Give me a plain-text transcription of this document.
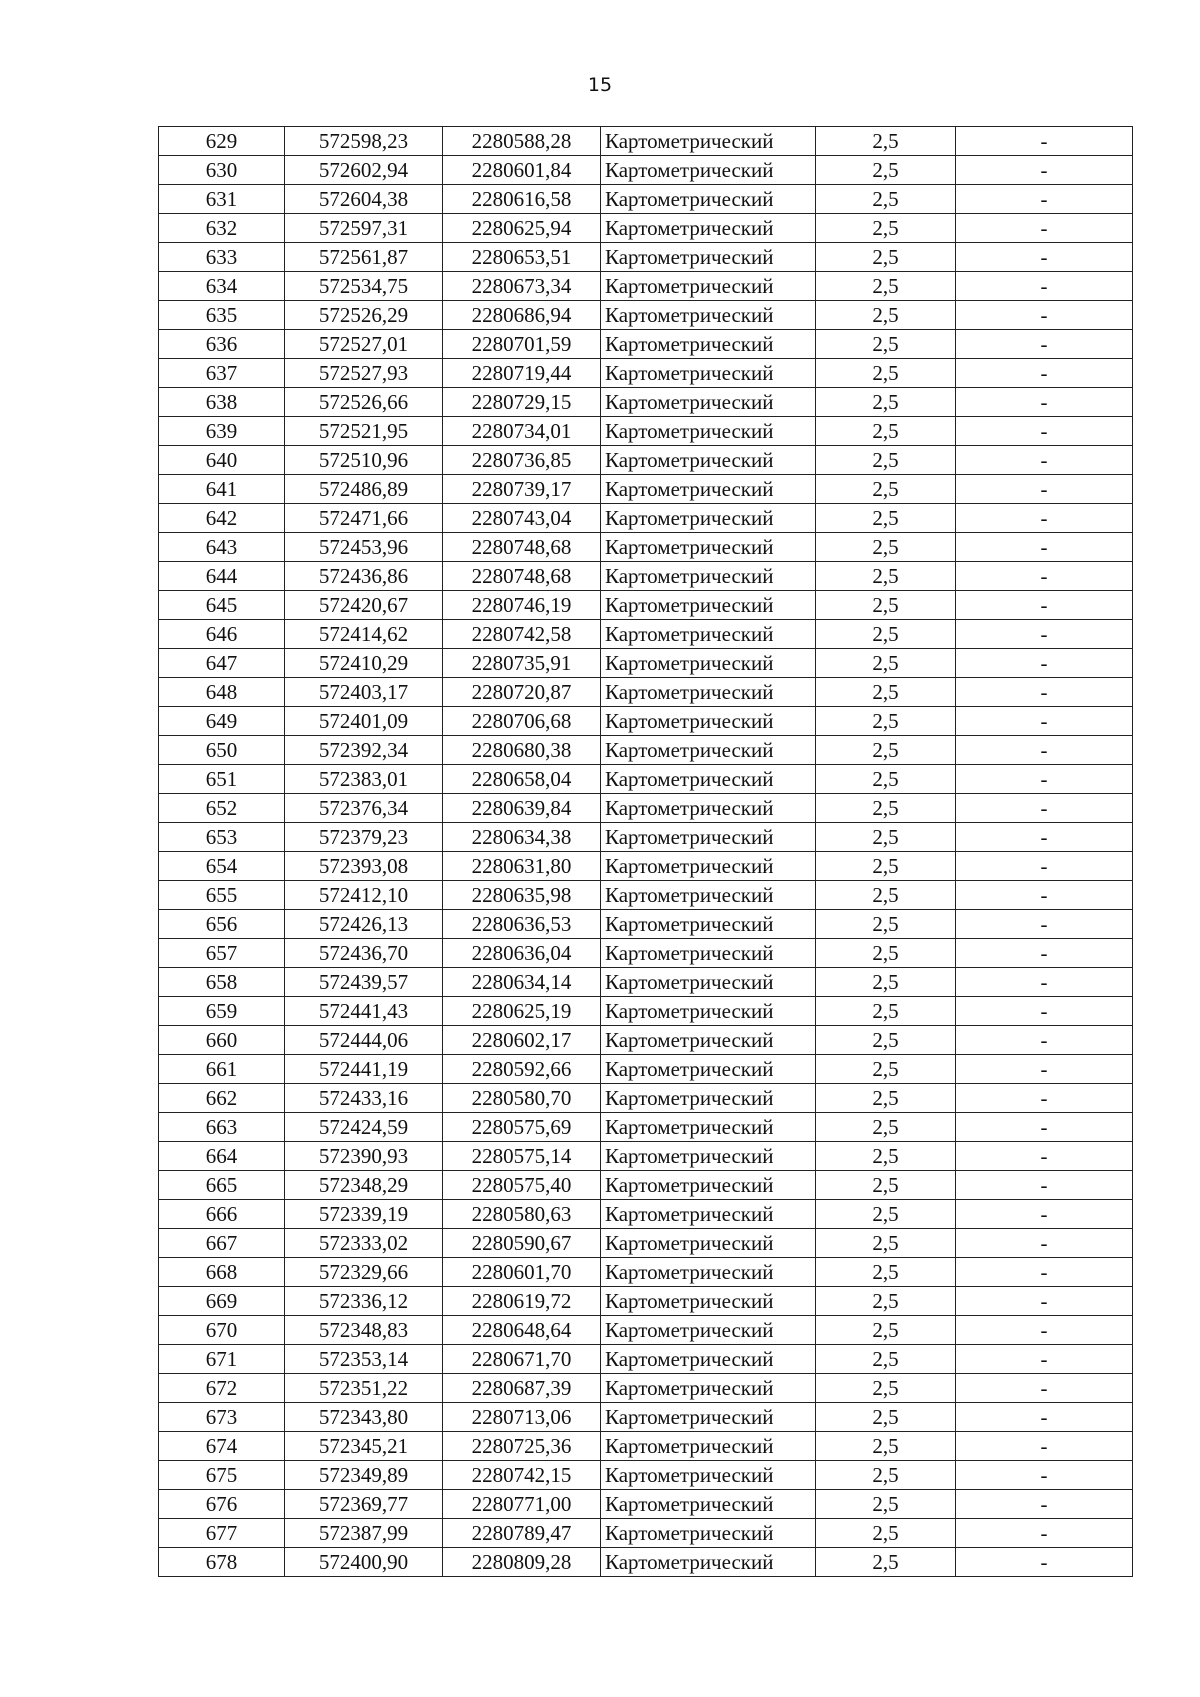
15
629	572598,23	2280588,28	Картометрический	2,5	-
630	572602,94	2280601,84	Картометрический	2,5	-
631	572604,38	2280616,58	Картометрический	2,5	-
632	572597,31	2280625,94	Картометрический	2,5	-
633	572561,87	2280653,51	Картометрический	2,5	-
634	572534,75	2280673,34	Картометрический	2,5	-
635	572526,29	2280686,94	Картометрический	2,5	-
636	572527,01	2280701,59	Картометрический	2,5	-
637	572527,93	2280719,44	Картометрический	2,5	-
638	572526,66	2280729,15	Картометрический	2,5	-
639	572521,95	2280734,01	Картометрический	2,5	-
640	572510,96	2280736,85	Картометрический	2,5	-
641	572486,89	2280739,17	Картометрический	2,5	-
642	572471,66	2280743,04	Картометрический	2,5	-
643	572453,96	2280748,68	Картометрический	2,5	-
644	572436,86	2280748,68	Картометрический	2,5	-
645	572420,67	2280746,19	Картометрический	2,5	-
646	572414,62	2280742,58	Картометрический	2,5	-
647	572410,29	2280735,91	Картометрический	2,5	-
648	572403,17	2280720,87	Картометрический	2,5	-
649	572401,09	2280706,68	Картометрический	2,5	-
650	572392,34	2280680,38	Картометрический	2,5	-
651	572383,01	2280658,04	Картометрический	2,5	-
652	572376,34	2280639,84	Картометрический	2,5	-
653	572379,23	2280634,38	Картометрический	2,5	-
654	572393,08	2280631,80	Картометрический	2,5	-
655	572412,10	2280635,98	Картометрический	2,5	-
656	572426,13	2280636,53	Картометрический	2,5	-
657	572436,70	2280636,04	Картометрический	2,5	-
658	572439,57	2280634,14	Картометрический	2,5	-
659	572441,43	2280625,19	Картометрический	2,5	-
660	572444,06	2280602,17	Картометрический	2,5	-
661	572441,19	2280592,66	Картометрический	2,5	-
662	572433,16	2280580,70	Картометрический	2,5	-
663	572424,59	2280575,69	Картометрический	2,5	-
664	572390,93	2280575,14	Картометрический	2,5	-
665	572348,29	2280575,40	Картометрический	2,5	-
666	572339,19	2280580,63	Картометрический	2,5	-
667	572333,02	2280590,67	Картометрический	2,5	-
668	572329,66	2280601,70	Картометрический	2,5	-
669	572336,12	2280619,72	Картометрический	2,5	-
670	572348,83	2280648,64	Картометрический	2,5	-
671	572353,14	2280671,70	Картометрический	2,5	-
672	572351,22	2280687,39	Картометрический	2,5	-
673	572343,80	2280713,06	Картометрический	2,5	-
674	572345,21	2280725,36	Картометрический	2,5	-
675	572349,89	2280742,15	Картометрический	2,5	-
676	572369,77	2280771,00	Картометрический	2,5	-
677	572387,99	2280789,47	Картометрический	2,5	-
678	572400,90	2280809,28	Картометрический	2,5	-
